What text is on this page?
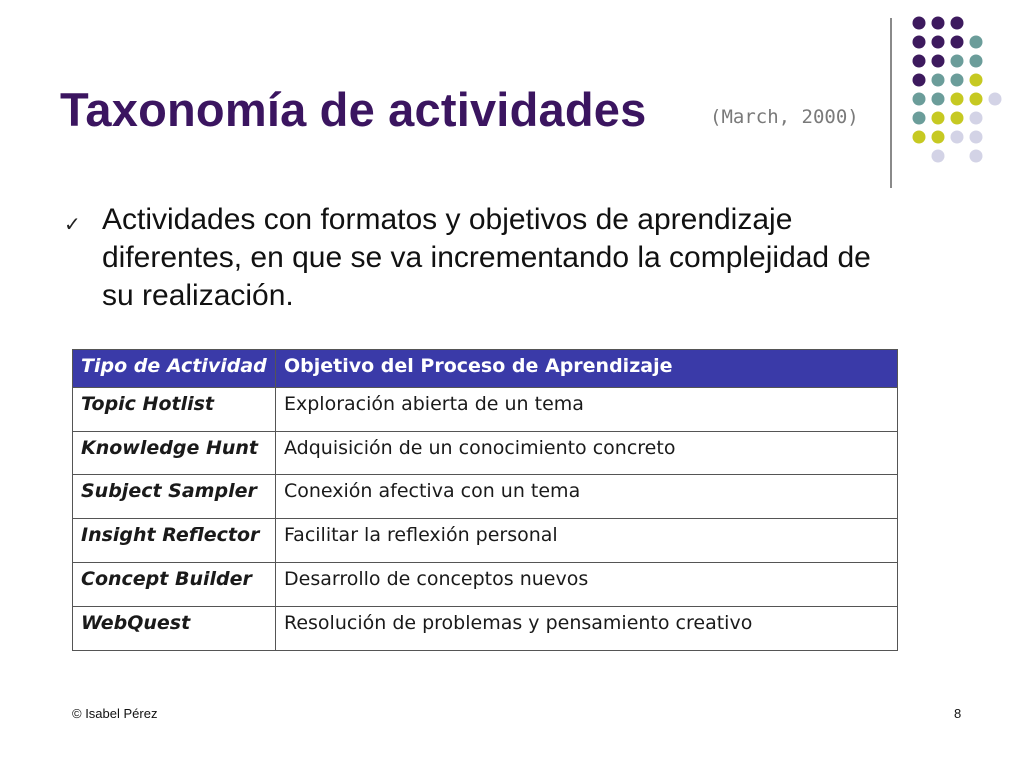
Taxonomía de actividades	(March, 2000)
✓ Actividades con formatos y objetivos de aprendizaje diferentes, en que se va incrementando la complejidad de su realización.
Tipo de Actividad	Objetivo del Proceso de Aprendizaje
Topic Hotlist	Exploración abierta de un tema
Knowledge Hunt	Adquisición de un conocimiento concreto
Subject Sampler	Conexión afectiva con un tema
Insight Reflector	Facilitar la reflexión personal
Concept Builder	Desarrollo de conceptos nuevos
WebQuest	Resolución de problemas y pensamiento creativo
© Isabel Pérez	8
